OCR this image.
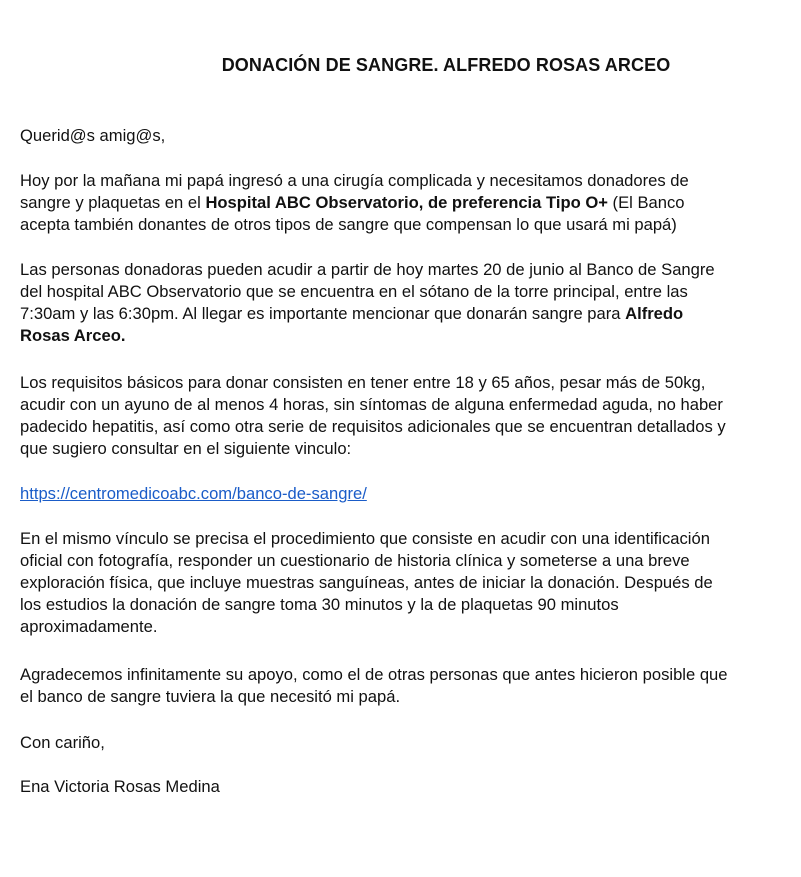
DONACIÓN DE SANGRE. ALFREDO ROSAS ARCEO

Querid@s amig@s,

Hoy por la mañana mi papá ingresó a una cirugía complicada y necesitamos donadores de
sangre y plaquetas en el Hospital ABC Observatorio, de preferencia Tipo O+ (El Banco
acepta también donantes de otros tipos de sangre que compensan lo que usará mi papá)

Las personas donadoras pueden acudir a partir de hoy martes 20 de junio al Banco de Sangre
del hospital ABC Observatorio que se encuentra en el sótano de la torre principal, entre las
7:30am y las 6:30pm. Al llegar es importante mencionar que donarán sangre para Alfredo
Rosas Arceo.

Los requisitos básicos para donar consisten en tener entre 18 y 65 años, pesar más de 50kg,
acudir con un ayuno de al menos 4 horas, sin síntomas de alguna enfermedad aguda, no haber
padecido hepatitis, así como otra serie de requisitos adicionales que se encuentran detallados y
que sugiero consultar en el siguiente vinculo:

https://centromedicoabc.com/banco-de-sangre/

En el mismo vínculo se precisa el procedimiento que consiste en acudir con una identificación
oficial con fotografía, responder un cuestionario de historia clínica y someterse a una breve
exploración física, que incluye muestras sanguíneas, antes de iniciar la donación. Después de
los estudios la donación de sangre toma 30 minutos y la de plaquetas 90 minutos
aproximadamente.

Agradecemos infinitamente su apoyo, como el de otras personas que antes hicieron posible que
el banco de sangre tuviera la que necesitó mi papá.

Con cariño,

Ena Victoria Rosas Medina
